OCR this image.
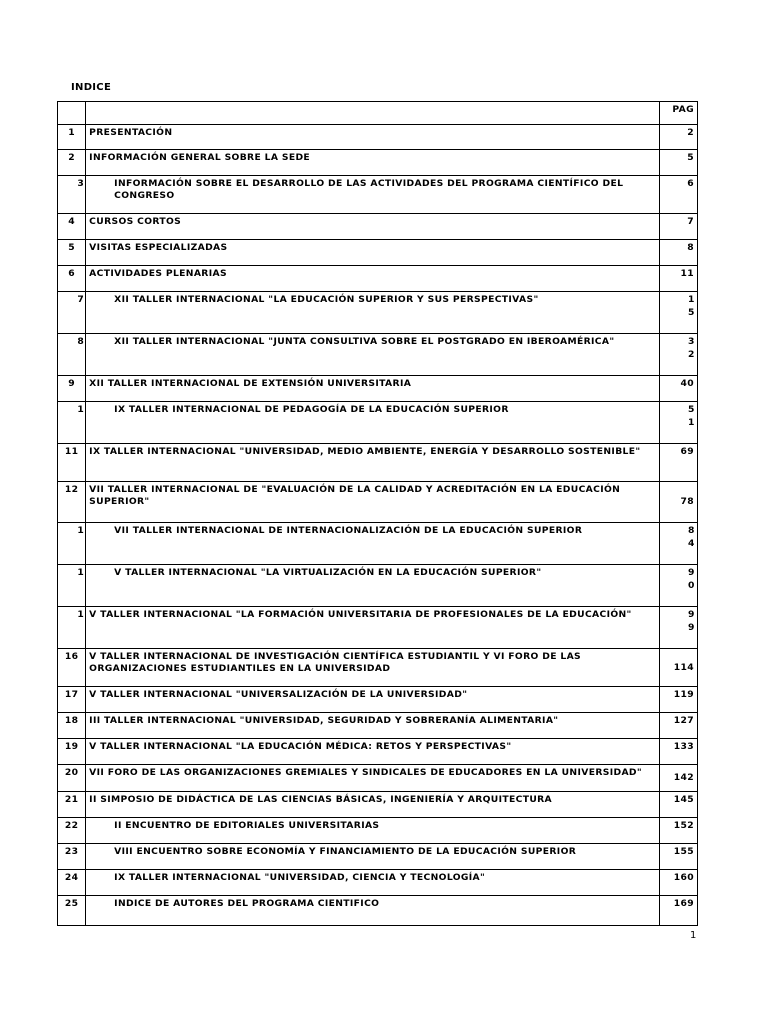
INDICE
		PAG
1	PRESENTACIÓN	2
2	INFORMACIÓN GENERAL SOBRE LA SEDE	5
3	INFORMACIÓN SOBRE EL DESARROLLO DE LAS ACTIVIDADES DEL PROGRAMA CIENTÍFICO DEL CONGRESO	6
4	CURSOS CORTOS	7
5	VISITAS ESPECIALIZADAS	8
6	ACTIVIDADES PLENARIAS	11
7	XII TALLER INTERNACIONAL "LA EDUCACIÓN SUPERIOR Y SUS PERSPECTIVAS"	15

8	XII TALLER INTERNACIONAL "JUNTA CONSULTIVA SOBRE EL POSTGRADO EN IBEROAMÉRICA"	32

9	XII TALLER INTERNACIONAL DE EXTENSIÓN UNIVERSITARIA	40
1	IX TALLER INTERNACIONAL DE PEDAGOGÍA DE LA EDUCACIÓN SUPERIOR	51

11	IX TALLER INTERNACIONAL "UNIVERSIDAD, MEDIO AMBIENTE, ENERGÍA Y DESARROLLO SOSTENIBLE"	69
12	VII TALLER INTERNACIONAL DE "EVALUACIÓN DE LA CALIDAD Y ACREDITACIÓN EN LA EDUCACIÓN SUPERIOR"	78
1	VII TALLER INTERNACIONAL DE INTERNACIONALIZACIÓN DE LA EDUCACIÓN SUPERIOR	84

1	V TALLER INTERNACIONAL "LA VIRTUALIZACIÓN EN LA EDUCACIÓN SUPERIOR"	90

1	V TALLER INTERNACIONAL "LA FORMACIÓN UNIVERSITARIA DE PROFESIONALES DE LA EDUCACIÓN"	99

16	V TALLER INTERNACIONAL DE INVESTIGACIÓN CIENTÍFICA ESTUDIANTIL Y VI FORO DE LAS ORGANIZACIONES ESTUDIANTILES EN LA UNIVERSIDAD	114
17	V TALLER INTERNACIONAL "UNIVERSALIZACIÓN DE LA UNIVERSIDAD"	119
18	III TALLER INTERNACIONAL "UNIVERSIDAD, SEGURIDAD Y SOBRERANÍA ALIMENTARIA"	127
19	V TALLER INTERNACIONAL "LA EDUCACIÓN MÉDICA: RETOS Y PERSPECTIVAS"	133
20	VII FORO DE LAS ORGANIZACIONES GREMIALES Y SINDICALES DE EDUCADORES EN LA UNIVERSIDAD"	142
21	II SIMPOSIO DE DIDÁCTICA DE LAS CIENCIAS BÁSICAS, INGENIERÍA Y ARQUITECTURA	145
22	II ENCUENTRO DE EDITORIALES UNIVERSITARIAS	152
23	VIII ENCUENTRO SOBRE ECONOMÍA Y FINANCIAMIENTO DE LA EDUCACIÓN SUPERIOR	155
24	IX TALLER INTERNACIONAL "UNIVERSIDAD, CIENCIA Y TECNOLOGÍA"	160
25	INDICE DE AUTORES DEL PROGRAMA CIENTIFICO	169
1
